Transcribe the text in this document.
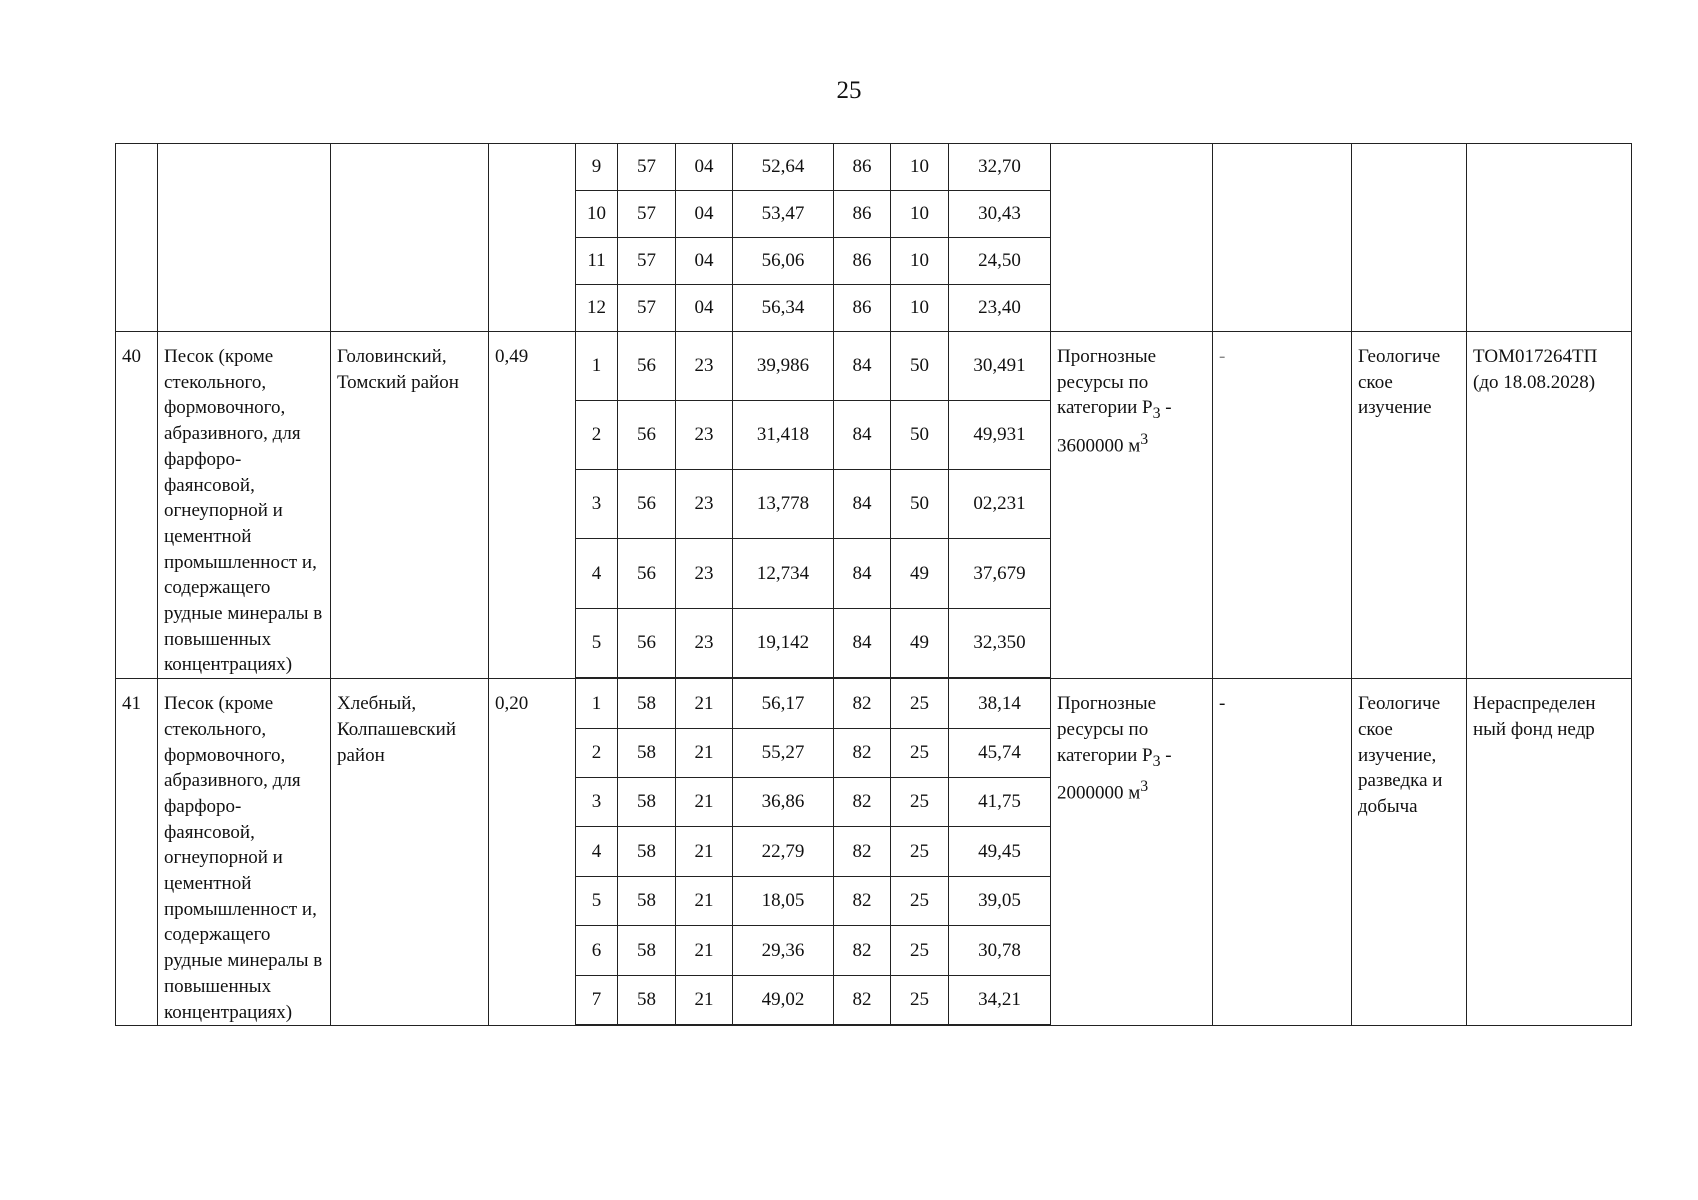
25
				9	57	04	52,64	86	10	32,70				
				10	57	04	53,47	86	10	30,43				
				11	57	04	56,06	86	10	24,50				
				12	57	04	56,34	86	10	23,40				
40	Песок (кроме стекольного, формовочного, абразивного, для фарфоро-фаянсовой, огнеупорной и цементной промышленност и, содержащего рудные минералы в повышенных концентрациях)	Головинский, Томский район	0,49	1	56	23	39,986	84	50	30,491	Прогнозные ресурсы по категории $P_3 - 3600000$ $м^3$	-	Геологиче ское изучение	ТОМ017264ТП (до 18.08.2028)
				2	56	23	31,418	84	50	49,931				
				3	56	23	13,778	84	50	02,231				
				4	56	23	12,734	84	49	37,679				
				5	56	23	19,142	84	49	32,350				

41	Песок (кроме стекольного, формовочного, абразивного, для фарфоро-фаянсовой, огнеупорной и цементной промышленност и, содержащего рудные минералы в повышенных концентрациях)	Хлебный, Колпашевский район	0,20	1	58	21	56,17	82	25	38,14	Прогнозные ресурсы по категории $P_3 - 2000000$ $м^3$	-	Геологиче ское изучение, разведка и добыча	Нераспределен ный фонд недр
				2	58	21	55,27	82	25	45,74				
				3	58	21	36,86	82	25	41,75				
				4	58	21	22,79	82	25	49,45				
				5	58	21	18,05	82	25	39,05				
				6	58	21	29,36	82	25	30,78				
				7	58	21	49,02	82	25	34,21				
